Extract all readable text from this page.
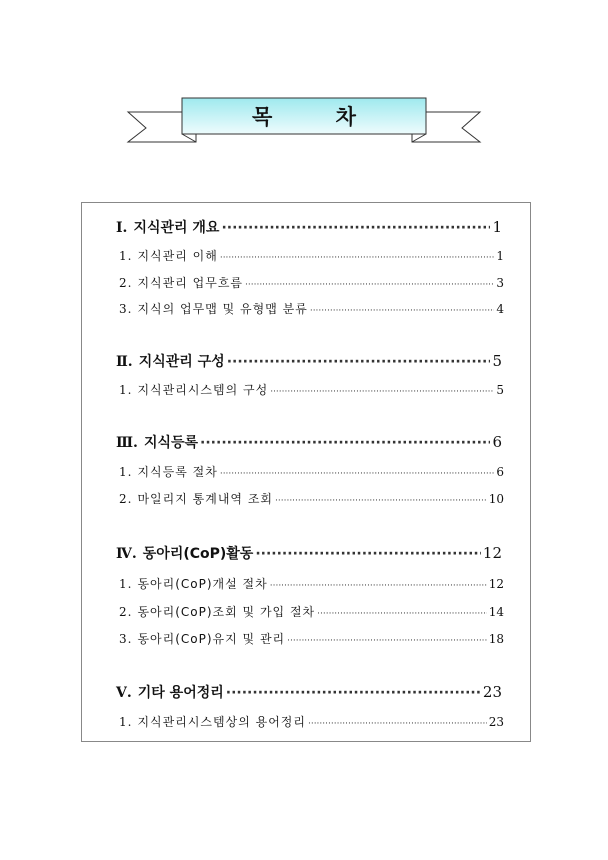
목 차
Ⅰ. 지식관리 개요 ·····	1
1. 지식관리 이해 ·····	1
2. 지식관리 업무흐름 ·····	3
3. 지식의 업무맵 및 유형맵 분류 ·····	4
Ⅱ. 지식관리 구성 ·····	5
1. 지식관리시스템의 구성 ·····	5
Ⅲ. 지식등록 ·····	6
1. 지식등록 절차 ·····	6
2. 마일리지 통계내역 조회 ·····	10
Ⅳ. 동아리(CoP)활동 ·····	12
1. 동아리(CoP)개설 절차 ·····	12
2. 동아리(CoP)조회 및 가입 절차 ·····	14
3. 동아리(CoP)유지 및 관리 ·····	18
Ⅴ. 기타 용어정리 ·····	23
1. 지식관리시스템상의 용어정리 ·····	23
